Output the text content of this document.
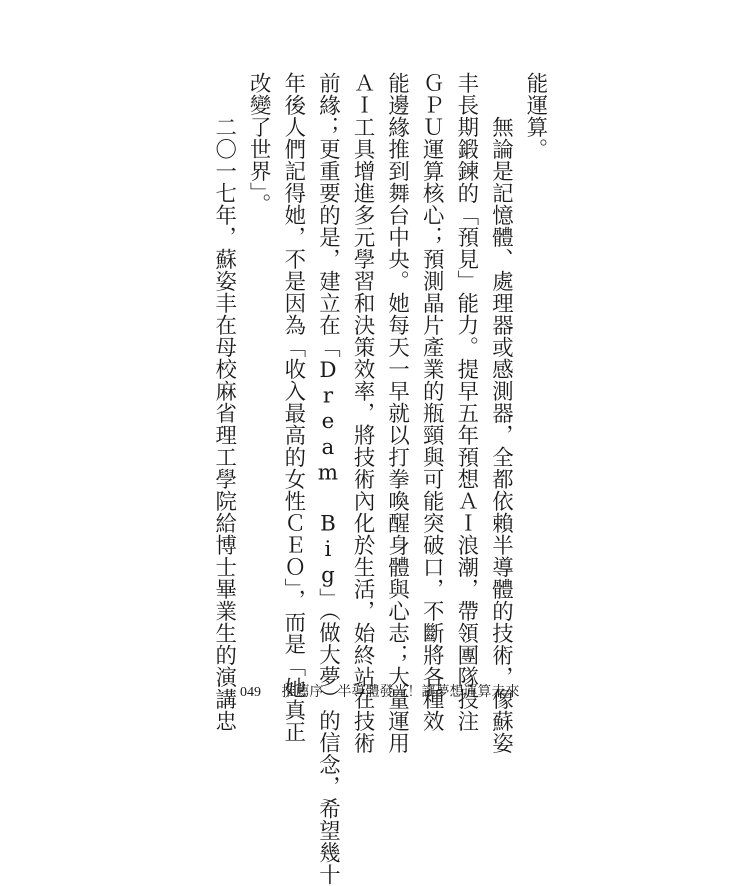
能運算。

　　無論是記憶體、處理器或感測器，全都依賴半導體的技術，像蘇姿

丰長期鍛鍊的「預見」能力。提早五年預想ＡＩ浪潮，帶領團隊投注

ＧＰＵ運算核心；預測晶片產業的瓶頸與可能突破口，不斷將各種效

能邊緣推到舞台中央。她每天一早就以打拳喚醒身體與心志；大量運用

ＡＩ工具增進多元學習和決策效率，將技術內化於生活，始終站在技術

前緣；更重要的是，建立在「Dream Big」（做大夢）的信念，希望幾十

年後人們記得她，不是因為「收入最高的女性ＣＥＯ」，而是「她真正

改變了世界」。

　　二〇一七年，蘇姿丰在母校麻省理工學院給博士畢業生的演講忠 049 推薦序　半導體發光！讓夢想運算未來
